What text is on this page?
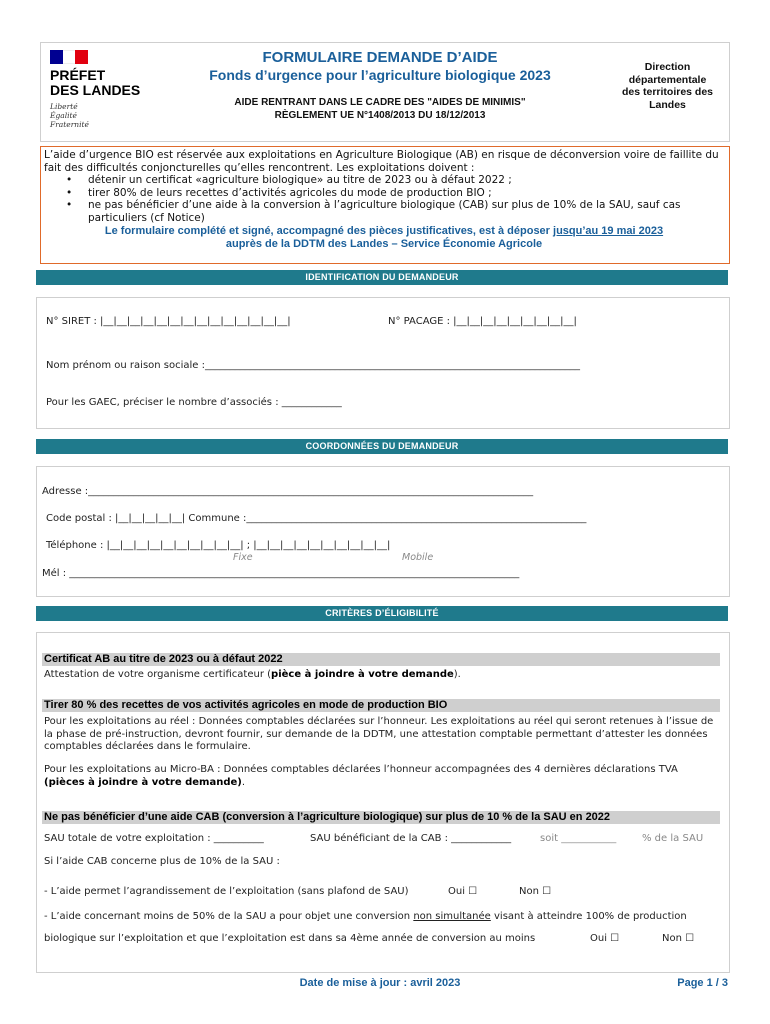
PRÉFET
DES LANDES
Liberté
Égalité
Fraternité
FORMULAIRE DEMANDE D’AIDE
Fonds d’urgence pour l’agriculture biologique 2023
AIDE RENTRANT DANS LE CADRE DES "AIDES DE MINIMIS"
RÈGLEMENT UE N°1408/2013 DU 18/12/2013
Direction
départementale
des territoires des
Landes
L’aide d’urgence BIO est réservée aux exploitations en Agriculture Biologique (AB) en risque de déconversion voire de faillite du fait des difficultés conjoncturelles qu’elles rencontrent. Les exploitations doivent :
• détenir un certificat «agriculture biologique» au titre de 2023 ou à défaut 2022 ;
• tirer 80% de leurs recettes d’activités agricoles du mode de production BIO ;
• ne pas bénéficier d’une aide à la conversion à l’agriculture biologique (CAB) sur plus de 10% de la SAU, sauf cas particuliers (cf Notice)
Le formulaire complété et signé, accompagné des pièces justificatives, est à déposer jusqu’au 19 mai 2023
auprès de la DDTM des Landes – Service Économie Agricole
IDENTIFICATION DU DEMANDEUR
N° SIRET : |__|__|__|__|__|__|__|__|__|__|__|__|__|__|	N° PACAGE : |__|__|__|__|__|__|__|__|__|
Nom prénom ou raison sociale :___________________________________________________________________________
Pour les GAEC, préciser le nombre d’associés : ____________
COORDONNÉES DU DEMANDEUR
Adresse :_________________________________________________________________________________________
Code postal : |__|__|__|__|__| Commune :____________________________________________________________________
Téléphone : |__|__|__|__|__|__|__|__|__|__| ; |__|__|__|__|__|__|__|__|__|__|
Fixe	Mobile
Mél : __________________________________________________________________________________________
CRITÈRES D’ÉLIGIBILITÉ
Certificat AB au titre de 2023 ou à défaut 2022
Attestation de votre organisme certificateur (pièce à joindre à votre demande).
Tirer 80 % des recettes de vos activités agricoles en mode de production BIO
Pour les exploitations au réel : Données comptables déclarées sur l’honneur. Les exploitations au réel qui seront retenues à l’issue de la phase de pré-instruction, devront fournir, sur demande de la DDTM, une attestation comptable permettant d’attester les données comptables déclarées dans le formulaire.
Pour les exploitations au Micro-BA : Données comptables déclarées l’honneur accompagnées des 4 dernières déclarations TVA (pièces à joindre à votre demande).
Ne pas bénéficier d’une aide CAB (conversion à l’agriculture biologique) sur plus de 10 % de la SAU en 2022
SAU totale de votre exploitation : __________	SAU bénéficiant de la CAB : ____________	soit ___________	% de la SAU
Si l’aide CAB concerne plus de 10% de la SAU :
- L’aide permet l’agrandissement de l’exploitation (sans plafond de SAU)	Oui ☐	Non ☐
- L’aide concernant moins de 50% de la SAU a pour objet une conversion non simultanée visant à atteindre 100% de production
biologique sur l’exploitation et que l’exploitation est dans sa 4ème année de conversion au moins	Oui ☐	Non ☐
Date de mise à jour : avril 2023	Page 1 / 3
